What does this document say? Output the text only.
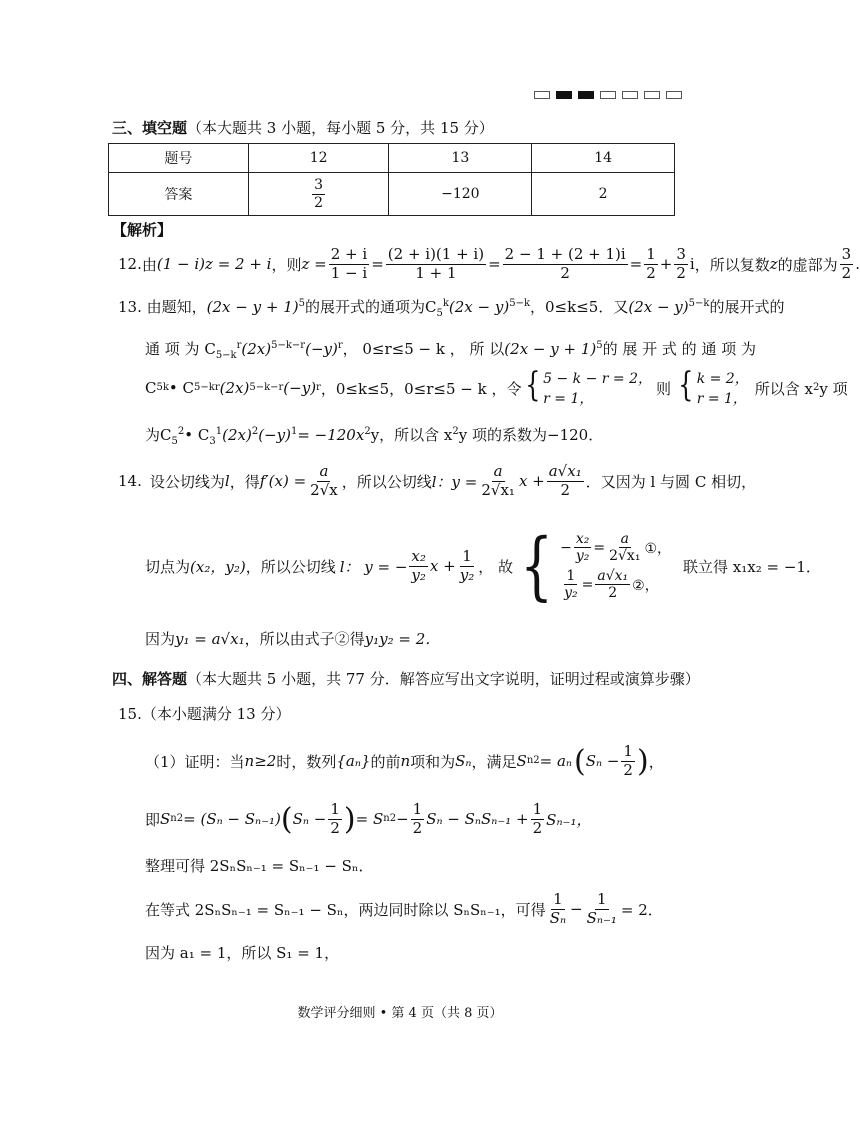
三、填空题（本大题共 3 小题，每小题 5 分，共 15 分）
题号	12	13	14
答案	$\frac{3}{2}$	−120	2
【解析】
12. 由 (1 − i)z = 2 + i ，则 $z = \frac{2 + i}{1 - i} = \frac{(2 + i)(1 + i)}{1 + 1} = \frac{2 - 1 + (2 + 1)i}{2} = \frac{1}{2} + \frac{3}{2}$ i ，所以复数 z 的虚部为 $\frac{3}{2}$ .
13. 由题知，$(2x - y + 1)^5$的展开式的通项为$C_5^k(2x - y)^{5-k}$，0≤k≤5．又$(2x - y)^{5-k}$的展开式的
通 项 为 $C_{5-k}^r(2x)^{5-k-r}(-y)^r$， 0≤r≤5 − k ， 所 以$(2x - y + 1)^5$的 展 开 式 的 通 项 为
C 5 k • C 5−k r (2x) 5−k−r (−y) r ，0≤k≤5，0≤r≤5 − k ，令 { 5 − k − r = 2，
r = 1，
则 { k = 2，
r = 1，
所以含 x 2 y 项
为$C_5^2•$ $C_3^1(2x)^2(-y)^1= -120x^2y$，所以含 $x^2y$ 项的系数为−120．
14. 设公切线为 l ，得 $f'(x) = \frac{a}{2√x}$ ，所以公切线 l：$y = \frac{a}{\text{2√x₁}}$ $x + \frac{\text{a√x₁}}{2}$ ．又因为 l 与圆 C 相切，
切点为 (x₂，y₂) ，所以公切线 l： y = − $\frac{\text{x₂}}{\text{y₂}}$ $x + \frac{1}{\text{y₂}}$ ， 故 { − $\frac{\text{x₂}}{\text{y₂}} = \frac{a}{\text{2√x₁}}$ ①，
$\frac{1}{\text{y₂}} = \frac{\text{a√x₁}}{2}$ ②，
联立得 x₁x₂ = −1．
因为y₁ = a√x₁，所以由式子②得y₁y₂ = 2．
四、解答题（本大题共 5 小题，共 77 分．解答应写出文字说明，证明过程或演算步骤）
15.（本小题满分 13 分）
（1）证明：当 n≥2 时，数列 {aₙ} 的前 n 项和为 Sₙ ，满足 S n 2 = aₙ ( $S_n - \frac{1}{2}$ ) ，
即 S n 2 = (Sₙ − Sₙ₋₁) ( $S_n - \frac{1}{2}$ ) = S n $2 - \frac{1}{2}$ $S_n - S_nS_{n-1} + \frac{1}{2} S_{n-1}$，
整理可得 2SₙSₙ₋₁ = Sₙ₋₁ − Sₙ．
在等式 2SₙSₙ₋₁ = Sₙ₋₁ − Sₙ，两边同时除以 SₙSₙ₋₁，可得 $\frac{1}{\text{Sₙ}} - \frac{1}{\text{Sₙ₋₁}} = 2$．
因为 a₁ = 1，所以 S₁ = 1，
数学评分细则 • 第 4 页（共 8 页）
